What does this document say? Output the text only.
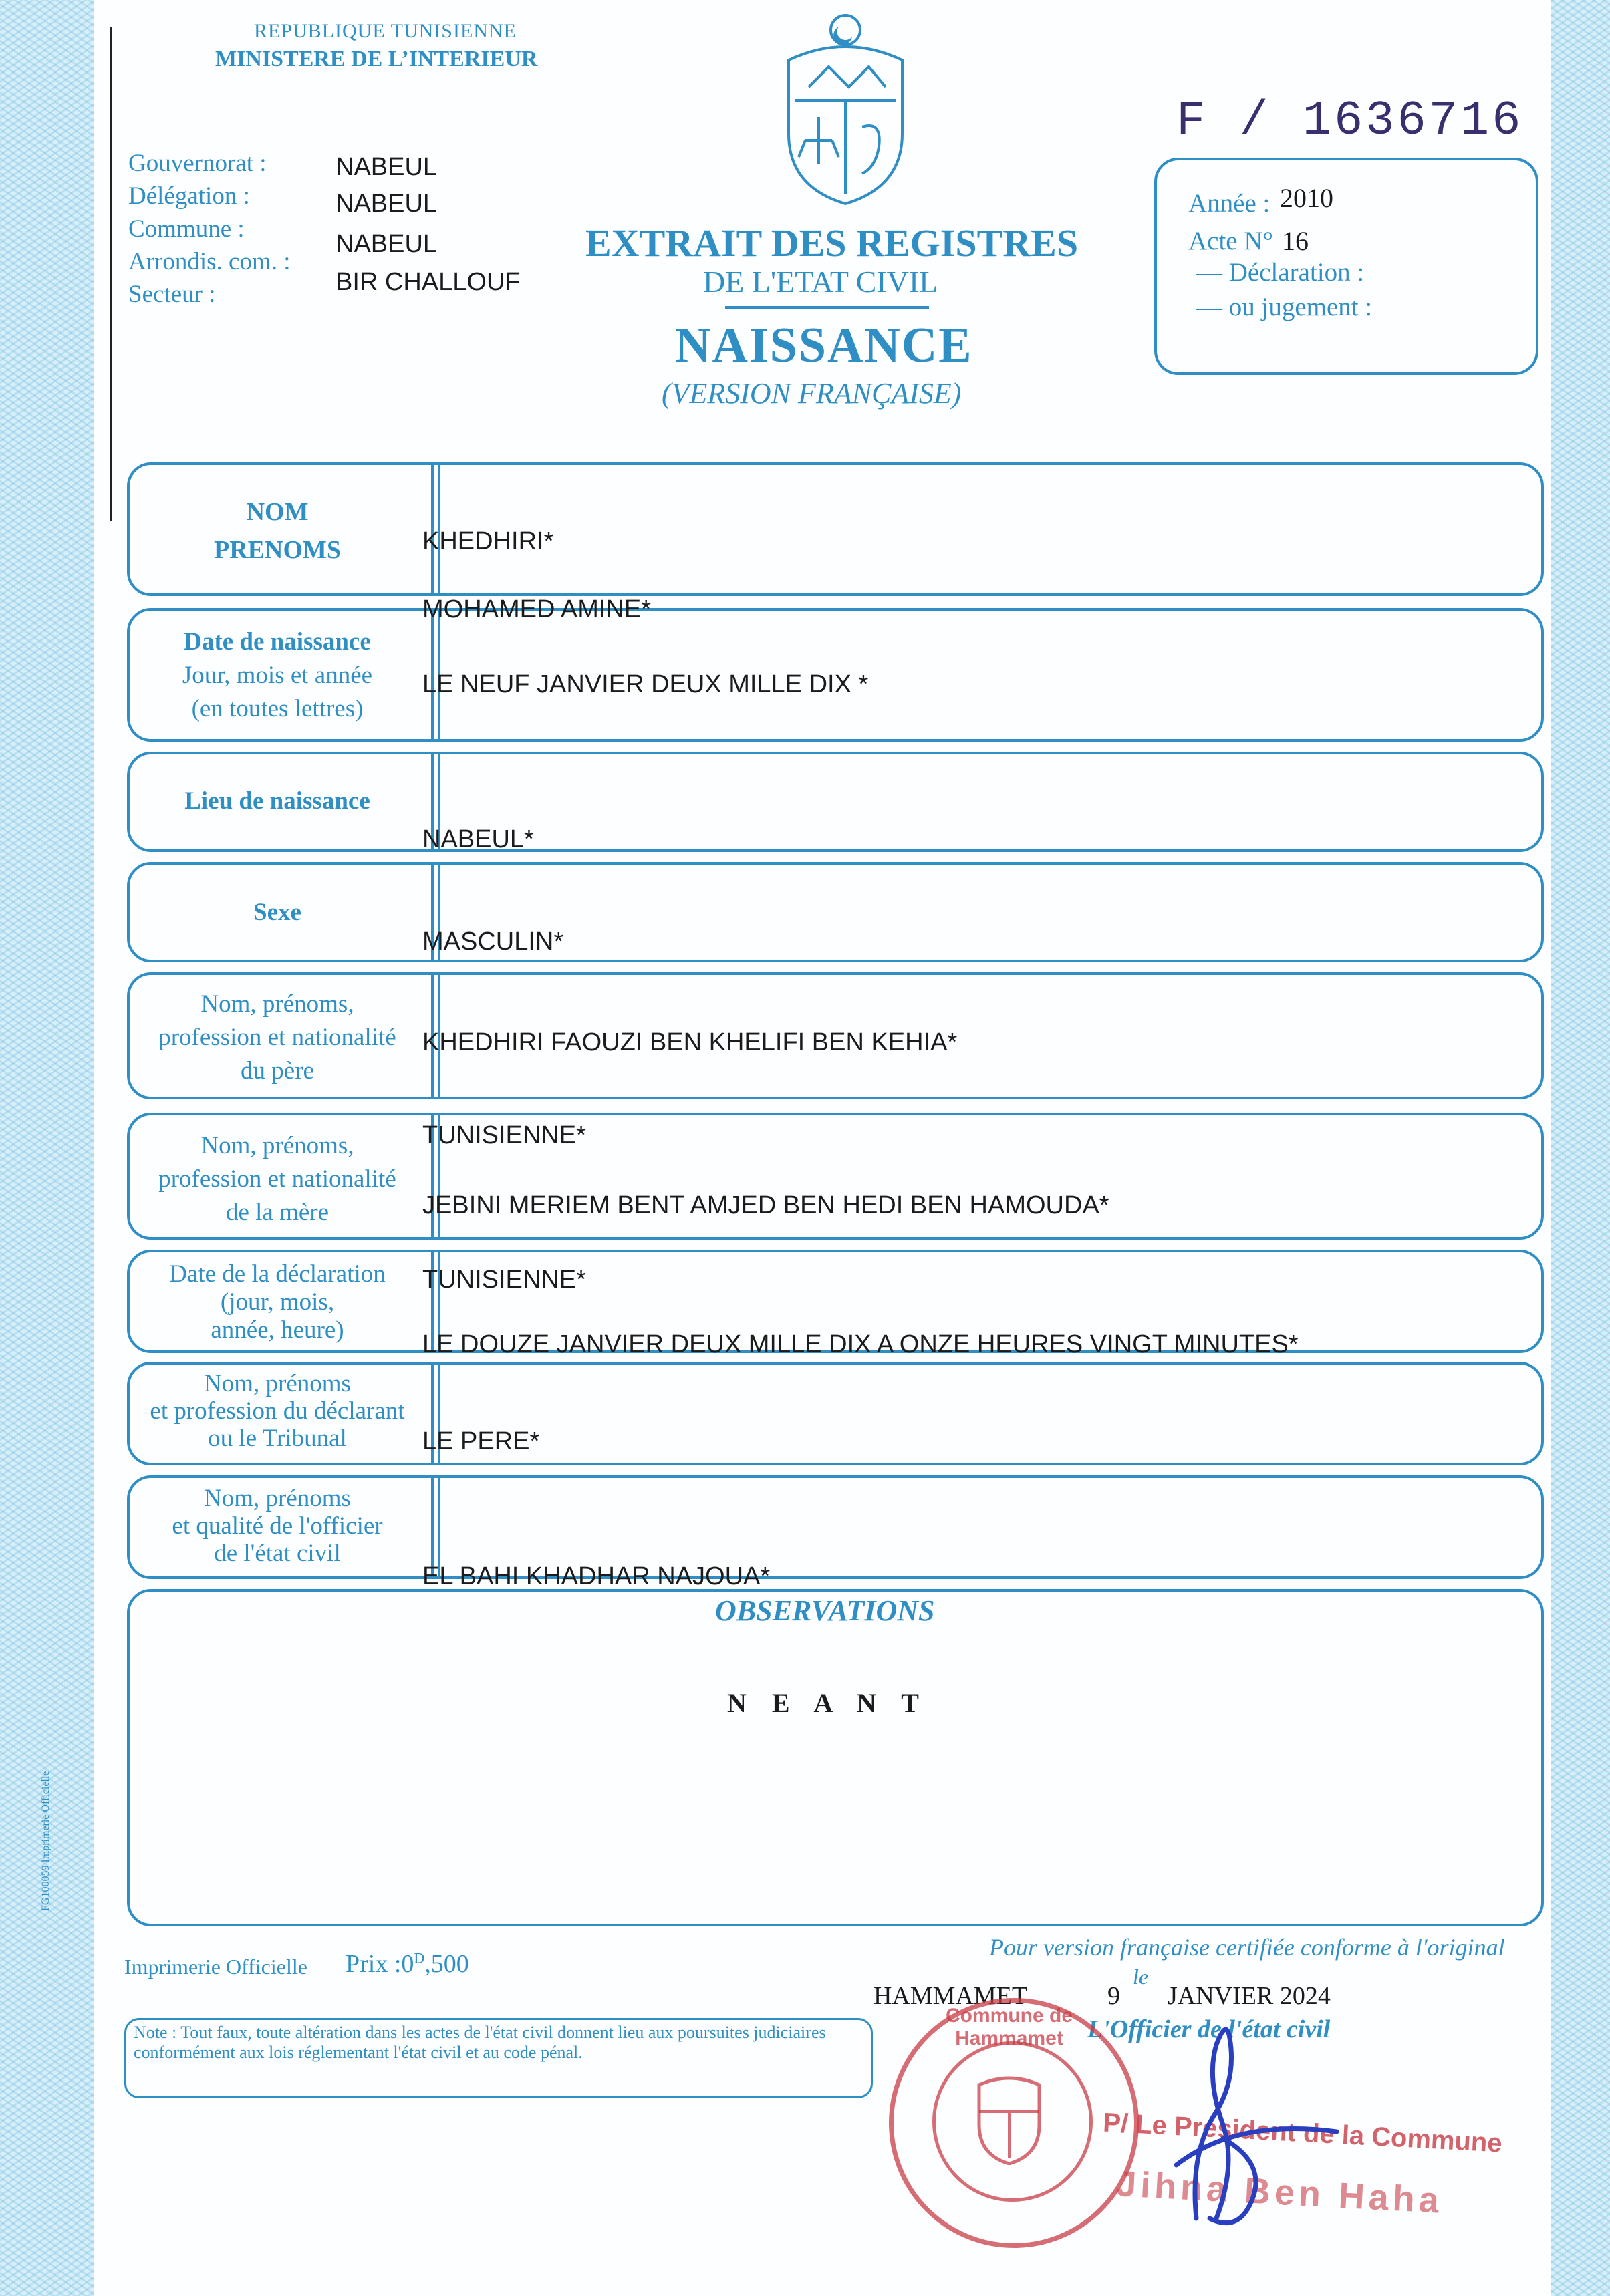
REPUBLIQUE TUNISIENNE
MINISTERE DE L’INTERIEUR
Gouvernorat :
Délégation :
Commune :
Arrondis. com. :
Secteur :
NABEUL
NABEUL
NABEUL
BIR CHALLOUF
EXTRAIT DES REGISTRES
DE L'ETAT CIVIL
NAISSANCE
(VERSION FRANÇAISE)
F / 1636716
Année : 2010
Acte N° 16
— Déclaration :
— ou jugement :
NOM
PRENOMS
Date de naissance
Jour, mois et année
(en toutes lettres)
Lieu de naissance
Sexe
Nom, prénoms,
profession et nationalité
du père
Nom, prénoms,
profession et nationalité
de la mère
Date de la déclaration
(jour, mois,
année, heure)
Nom, prénoms
et profession du déclarant
ou le Tribunal
Nom, prénoms
et qualité de l'officier
de l'état civil
KHEDHIRI*
MOHAMED AMINE*
LE NEUF JANVIER DEUX MILLE DIX *
NABEUL*
MASCULIN*
KHEDHIRI FAOUZI BEN KHELIFI BEN KEHIA*
TUNISIENNE*
JEBINI MERIEM BENT AMJED BEN HEDI BEN HAMOUDA*
TUNISIENNE*
LE DOUZE JANVIER DEUX MILLE DIX A ONZE HEURES VINGT MINUTES*
LE PERE*
EL BAHI KHADHAR NAJOUA*
OBSERVATIONS
N E A N T
FG100059 Imprimerie Officielle
Imprimerie Officielle Prix $:0^D,500$
Pour version française certifiée conforme à l'original
HAMMAMET
le
9 JANVIER 2024
L'Officier de l'état civil
Note : Tout faux, toute altération dans les actes de l'état civil donnent lieu aux poursuites judiciaires conformément aux lois réglementant l'état civil et au code pénal.
Commune de Hammamet
P/ Le Président de la Commune
Jihna Ben Haha
